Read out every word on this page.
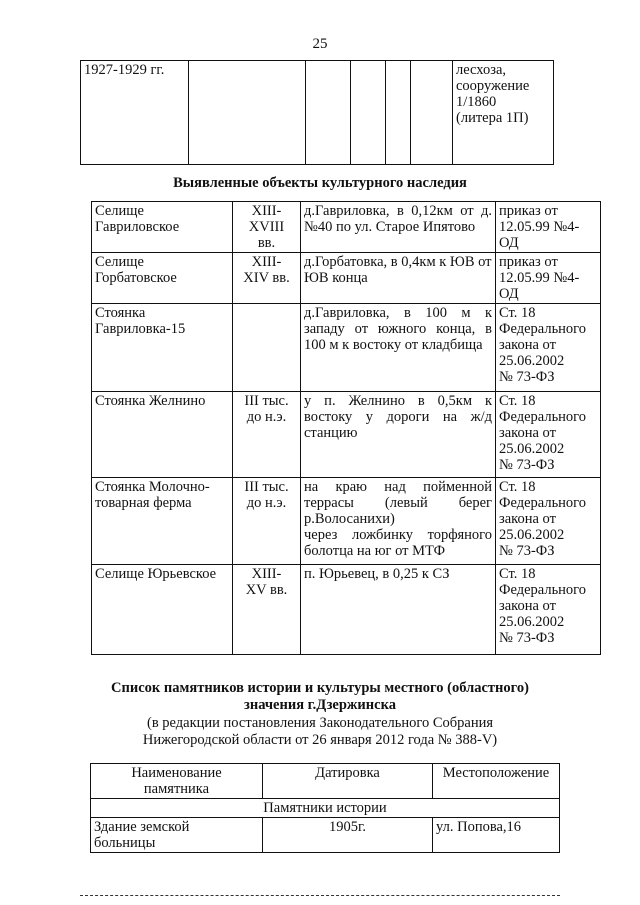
25
1927-1929 гг.						лесхоза,
сооружение
1/1860
(литера 1П)
Выявленные объекты культурного наследия
Селище
Гавриловское	XIII-
XVIII
вв.	д.Гавриловка, в 0,12км от д. №40 по ул. Старое Ипятово	приказ от
12.05.99 №4-
ОД
Селище
Горбатовское	XIII-
XIV вв.	д.Горбатовка, в 0,4км к ЮВ от
ЮВ конца	приказ от
12.05.99 №4-
ОД
Стоянка
Гавриловка-15		д.Гавриловка, в 100 м к западу от южного конца, в 100 м к востоку от кладбища	Ст. 18
Федерального
закона от
25.06.2002
№ 73-ФЗ
Стоянка Желнино	III тыс.
до н.э.	у п. Желнино в 0,5км к востоку у дороги на ж/д станцию	Ст. 18
Федерального
закона от
25.06.2002
№ 73-ФЗ
Стоянка Молочно-
товарная ферма	III тыс.
до н.э.	на краю над пойменной террасы (левый берег р.Волосанихи)
через ложбинку торфяного болотца на юг от МТФ	Ст. 18
Федерального
закона от
25.06.2002
№ 73-ФЗ
Селище Юрьевское	XIII-
XV вв.	п. Юрьевец, в 0,25 к СЗ	Ст. 18
Федерального
закона от
25.06.2002
№ 73-ФЗ
Список памятников истории и культуры местного (областного)
значения г.Дзержинска
(в редакции постановления Законодательного Собрания
Нижегородской области от 26 января 2012 года № 388-V)
Наименование
памятника	Датировка	Местоположение
Памятники истории		
Здание земской
больницы	1905г.	ул. Попова,16
